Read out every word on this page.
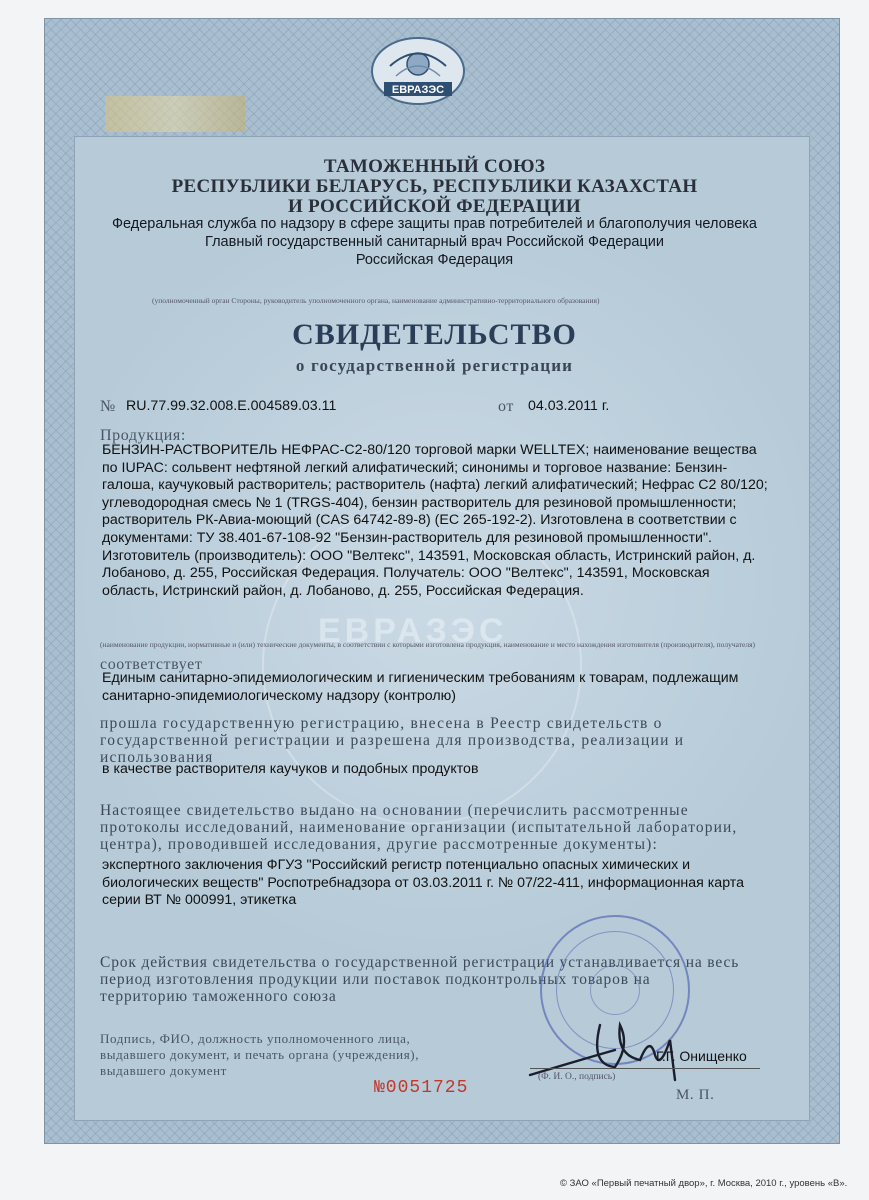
ЕВРАЗЭС
ЕВРАЗЭС
ТАМОЖЕННЫЙ СОЮЗ
РЕСПУБЛИКИ БЕЛАРУСЬ, РЕСПУБЛИКИ КАЗАХСТАН
И РОССИЙСКОЙ ФЕДЕРАЦИИ
Федеральная служба по надзору в сфере защиты прав потребителей и благополучия человека
Главный государственный санитарный врач Российской Федерации
Российская Федерация
(уполномоченный орган Стороны, руководитель уполномоченного органа, наименование административно-территориального образования)
СВИДЕТЕЛЬСТВО
о государственной регистрации
№ RU.77.99.32.008.E.004589.03.11	от 04.03.2011 г.
Продукция:
БЕНЗИН-РАСТВОРИТЕЛЬ НЕФРАС-С2-80/120 торговой марки WELLTEX; наименование вещества
по IUPAC: сольвент нефтяной легкий алифатический; синонимы и торговое название: Бензин-
галоша, каучуковый растворитель; растворитель (нафта) легкий алифатический; Нефрас С2 80/120;
углеводородная смесь № 1 (TRGS-404), бензин растворитель для резиновой промышленности;
растворитель РК-Авиа-моющий (CAS 64742-89-8) (EC 265-192-2). Изготовлена в соответствии с
документами: ТУ 38.401-67-108-92 "Бензин-растворитель для резиновой промышленности".
Изготовитель (производитель): ООО "Велтекс", 143591, Московская область, Истринский район, д.
Лобаново, д. 255, Российская Федерация. Получатель: ООО "Велтекс", 143591, Московская
область, Истринский район, д. Лобаново, д. 255, Российская Федерация.
(наименование продукции, нормативные и (или) технические документы, в соответствии с которыми изготовлена продукция, наименование и место нахождения изготовителя (производителя), получателя)
соответствует
Единым санитарно-эпидемиологическим и гигиеническим требованиям к товарам, подлежащим
санитарно-эпидемиологическому надзору (контролю)
прошла государственную регистрацию, внесена в Реестр свидетельств о
государственной регистрации и разрешена для производства, реализации и
использования
в качестве растворителя каучуков и подобных продуктов
Настоящее свидетельство выдано на основании (перечислить рассмотренные
протоколы исследований, наименование организации (испытательной лаборатории,
центра), проводившей исследования, другие рассмотренные документы):
экспертного заключения ФГУЗ "Российский регистр потенциально опасных химических и
биологических веществ" Роспотребнадзора от 03.03.2011 г. № 07/22-411, информационная карта
серии ВТ № 000991, этикетка
Срок действия свидетельства о государственной регистрации устанавливается на весь
период изготовления продукции или поставок подконтрольных товаров на
территорию таможенного союза
Подпись, ФИО, должность уполномоченного лица,
выдавшего документ, и печать органа (учреждения),
выдавшего документ
Г.Г. Онищенко
(Ф. И. О., подпись)
М. П.
№0051725
© ЗАО «Первый печатный двор», г. Москва, 2010 г., уровень «В».
